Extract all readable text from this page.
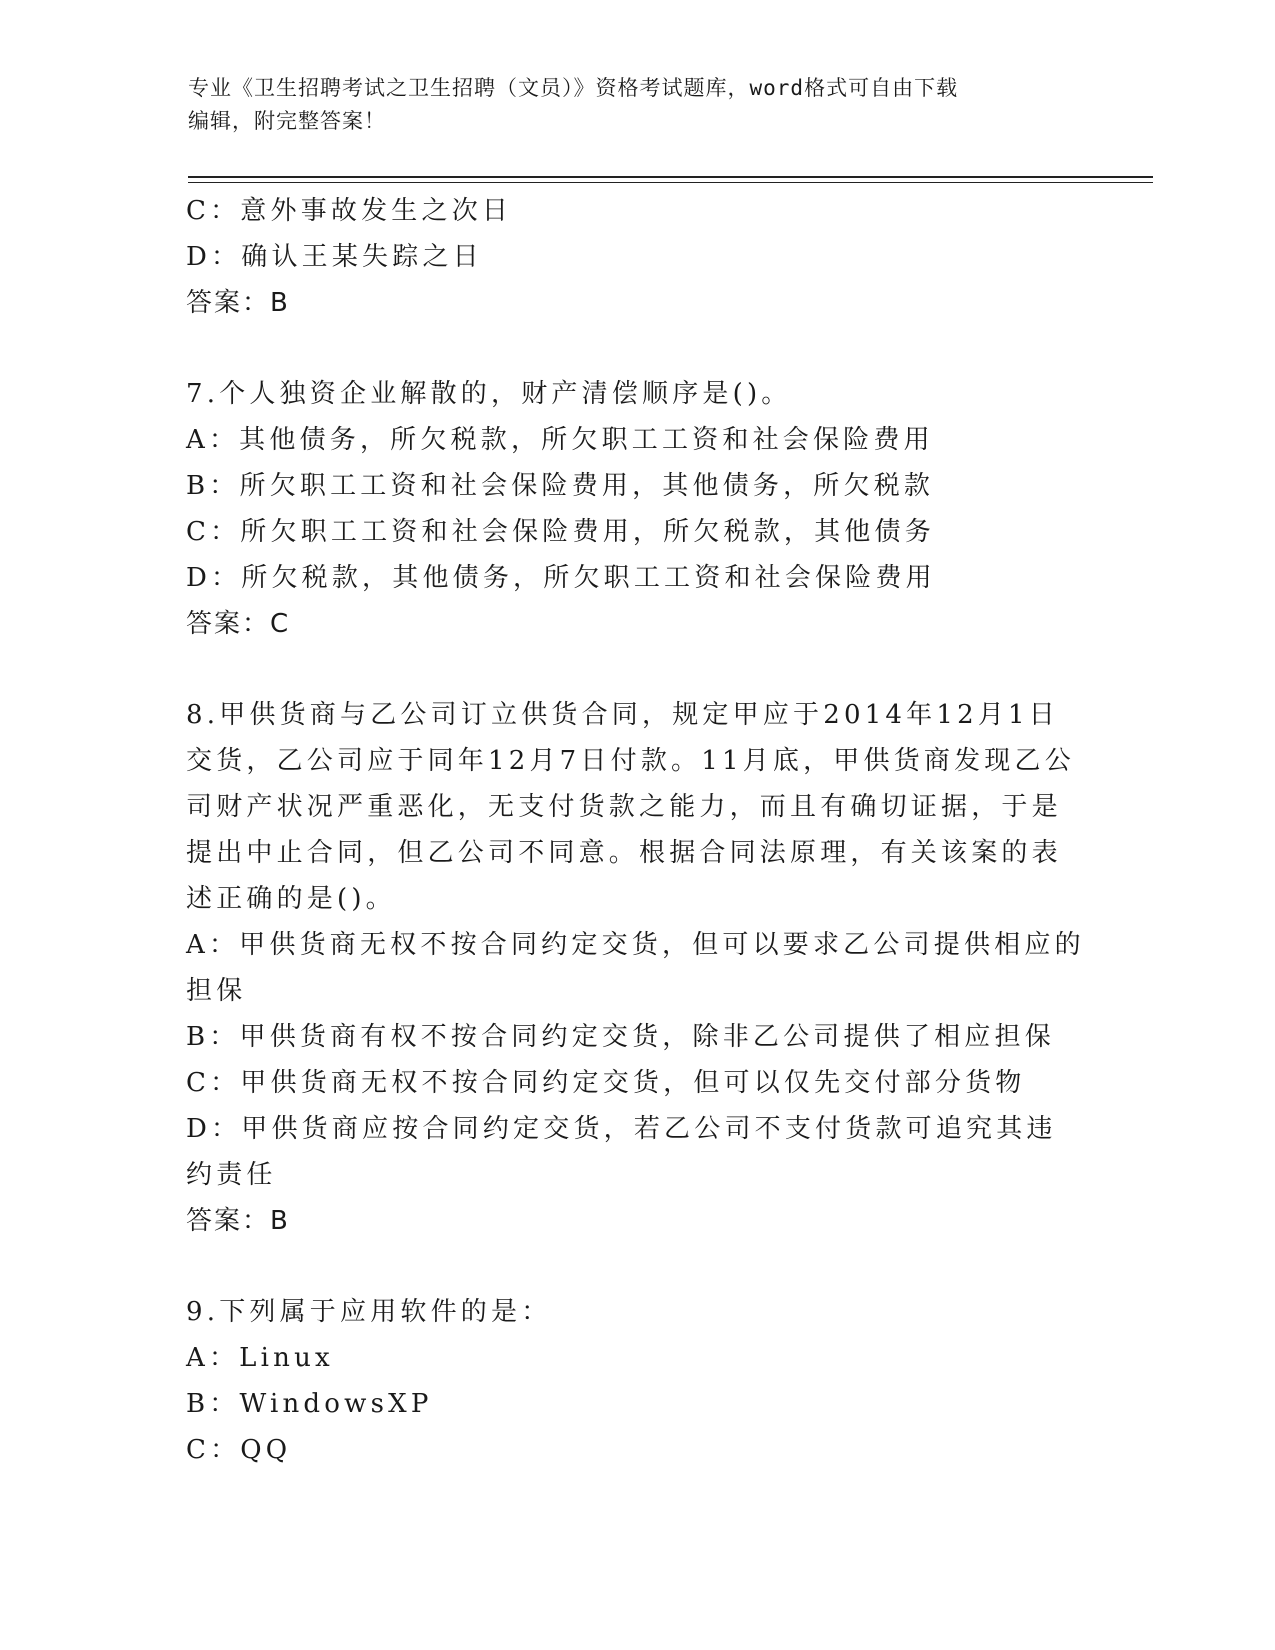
专业《卫生招聘考试之卫生招聘（文员）》资格考试题库，word格式可自由下载
编辑，附完整答案！
C：意外事故发生之次日
D：确认王某失踪之日
答案：B
7.个人独资企业解散的，财产清偿顺序是()。
A：其他债务，所欠税款，所欠职工工资和社会保险费用
B：所欠职工工资和社会保险费用，其他债务，所欠税款
C：所欠职工工资和社会保险费用，所欠税款，其他债务
D：所欠税款，其他债务，所欠职工工资和社会保险费用
答案：C
8.甲供货商与乙公司订立供货合同，规定甲应于2014年12月1日交货，乙公司应于同年12月7日付款。11月底，甲供货商发现乙公司财产状况严重恶化，无支付货款之能力，而且有确切证据，于是提出中止合同，但乙公司不同意。根据合同法原理，有关该案的表述正确的是()。
A：甲供货商无权不按合同约定交货，但可以要求乙公司提供相应的担保
B：甲供货商有权不按合同约定交货，除非乙公司提供了相应担保
C：甲供货商无权不按合同约定交货，但可以仅先交付部分货物
D：甲供货商应按合同约定交货，若乙公司不支付货款可追究其违约责任
答案：B
9.下列属于应用软件的是：
A：Linux
B：WindowsXP
C：QQ
